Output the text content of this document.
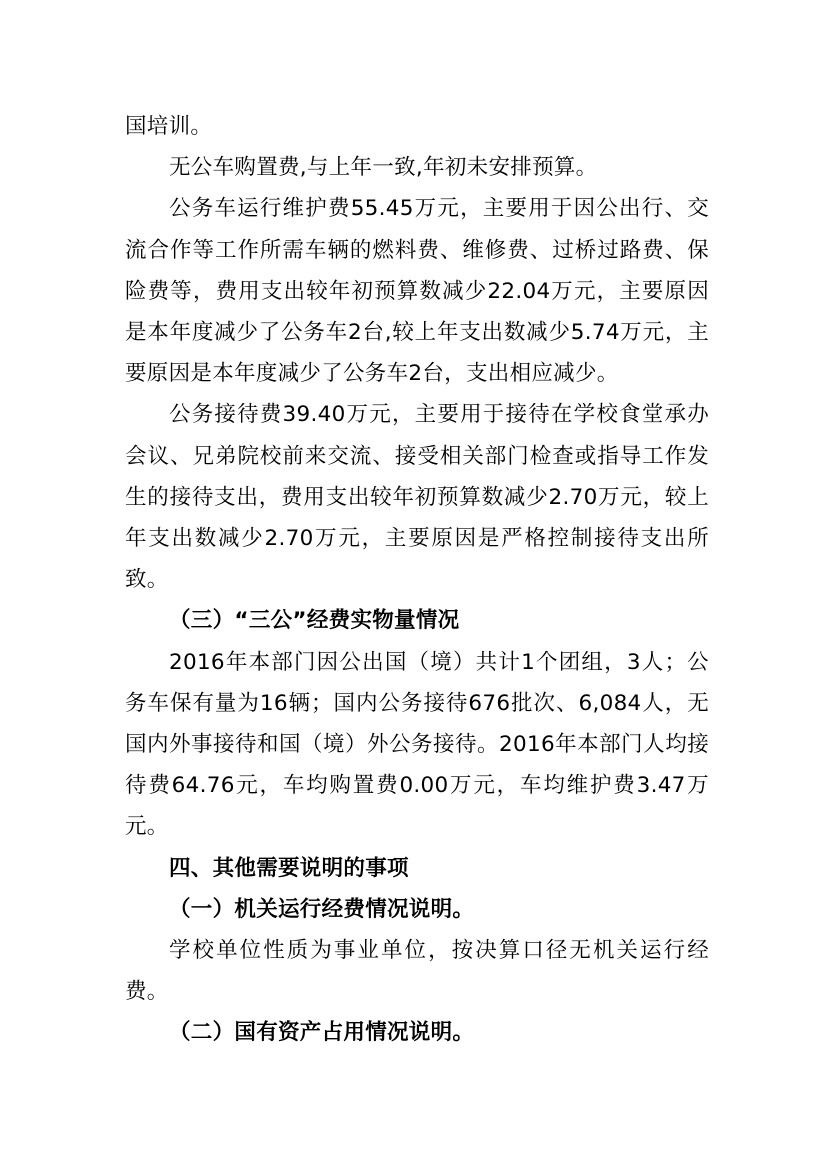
国培训。

无公车购置费,与上年一致,年初未安排预算。

公务车运行维护费55.45万元，主要用于因公出行、交流合作等工作所需车辆的燃料费、维修费、过桥过路费、保险费等，费用支出较年初预算数减少22.04万元，主要原因是本年度减少了公务车2台,较上年支出数减少5.74万元，主要原因是本年度减少了公务车2台，支出相应减少。

公务接待费39.40万元，主要用于接待在学校食堂承办会议、兄弟院校前来交流、接受相关部门检查或指导工作发生的接待支出，费用支出较年初预算数减少2.70万元，较上年支出数减少2.70万元，主要原因是严格控制接待支出所致。

（三）“三公”经费实物量情况

2016年本部门因公出国（境）共计1个团组，3人；公务车保有量为16辆；国内公务接待676批次、6,084人，无国内外事接待和国（境）外公务接待。2016年本部门人均接待费64.76元，车均购置费0.00万元，车均维护费3.47万元。

四、其他需要说明的事项

（一）机关运行经费情况说明。

学校单位性质为事业单位，按决算口径无机关运行经费。

（二）国有资产占用情况说明。
